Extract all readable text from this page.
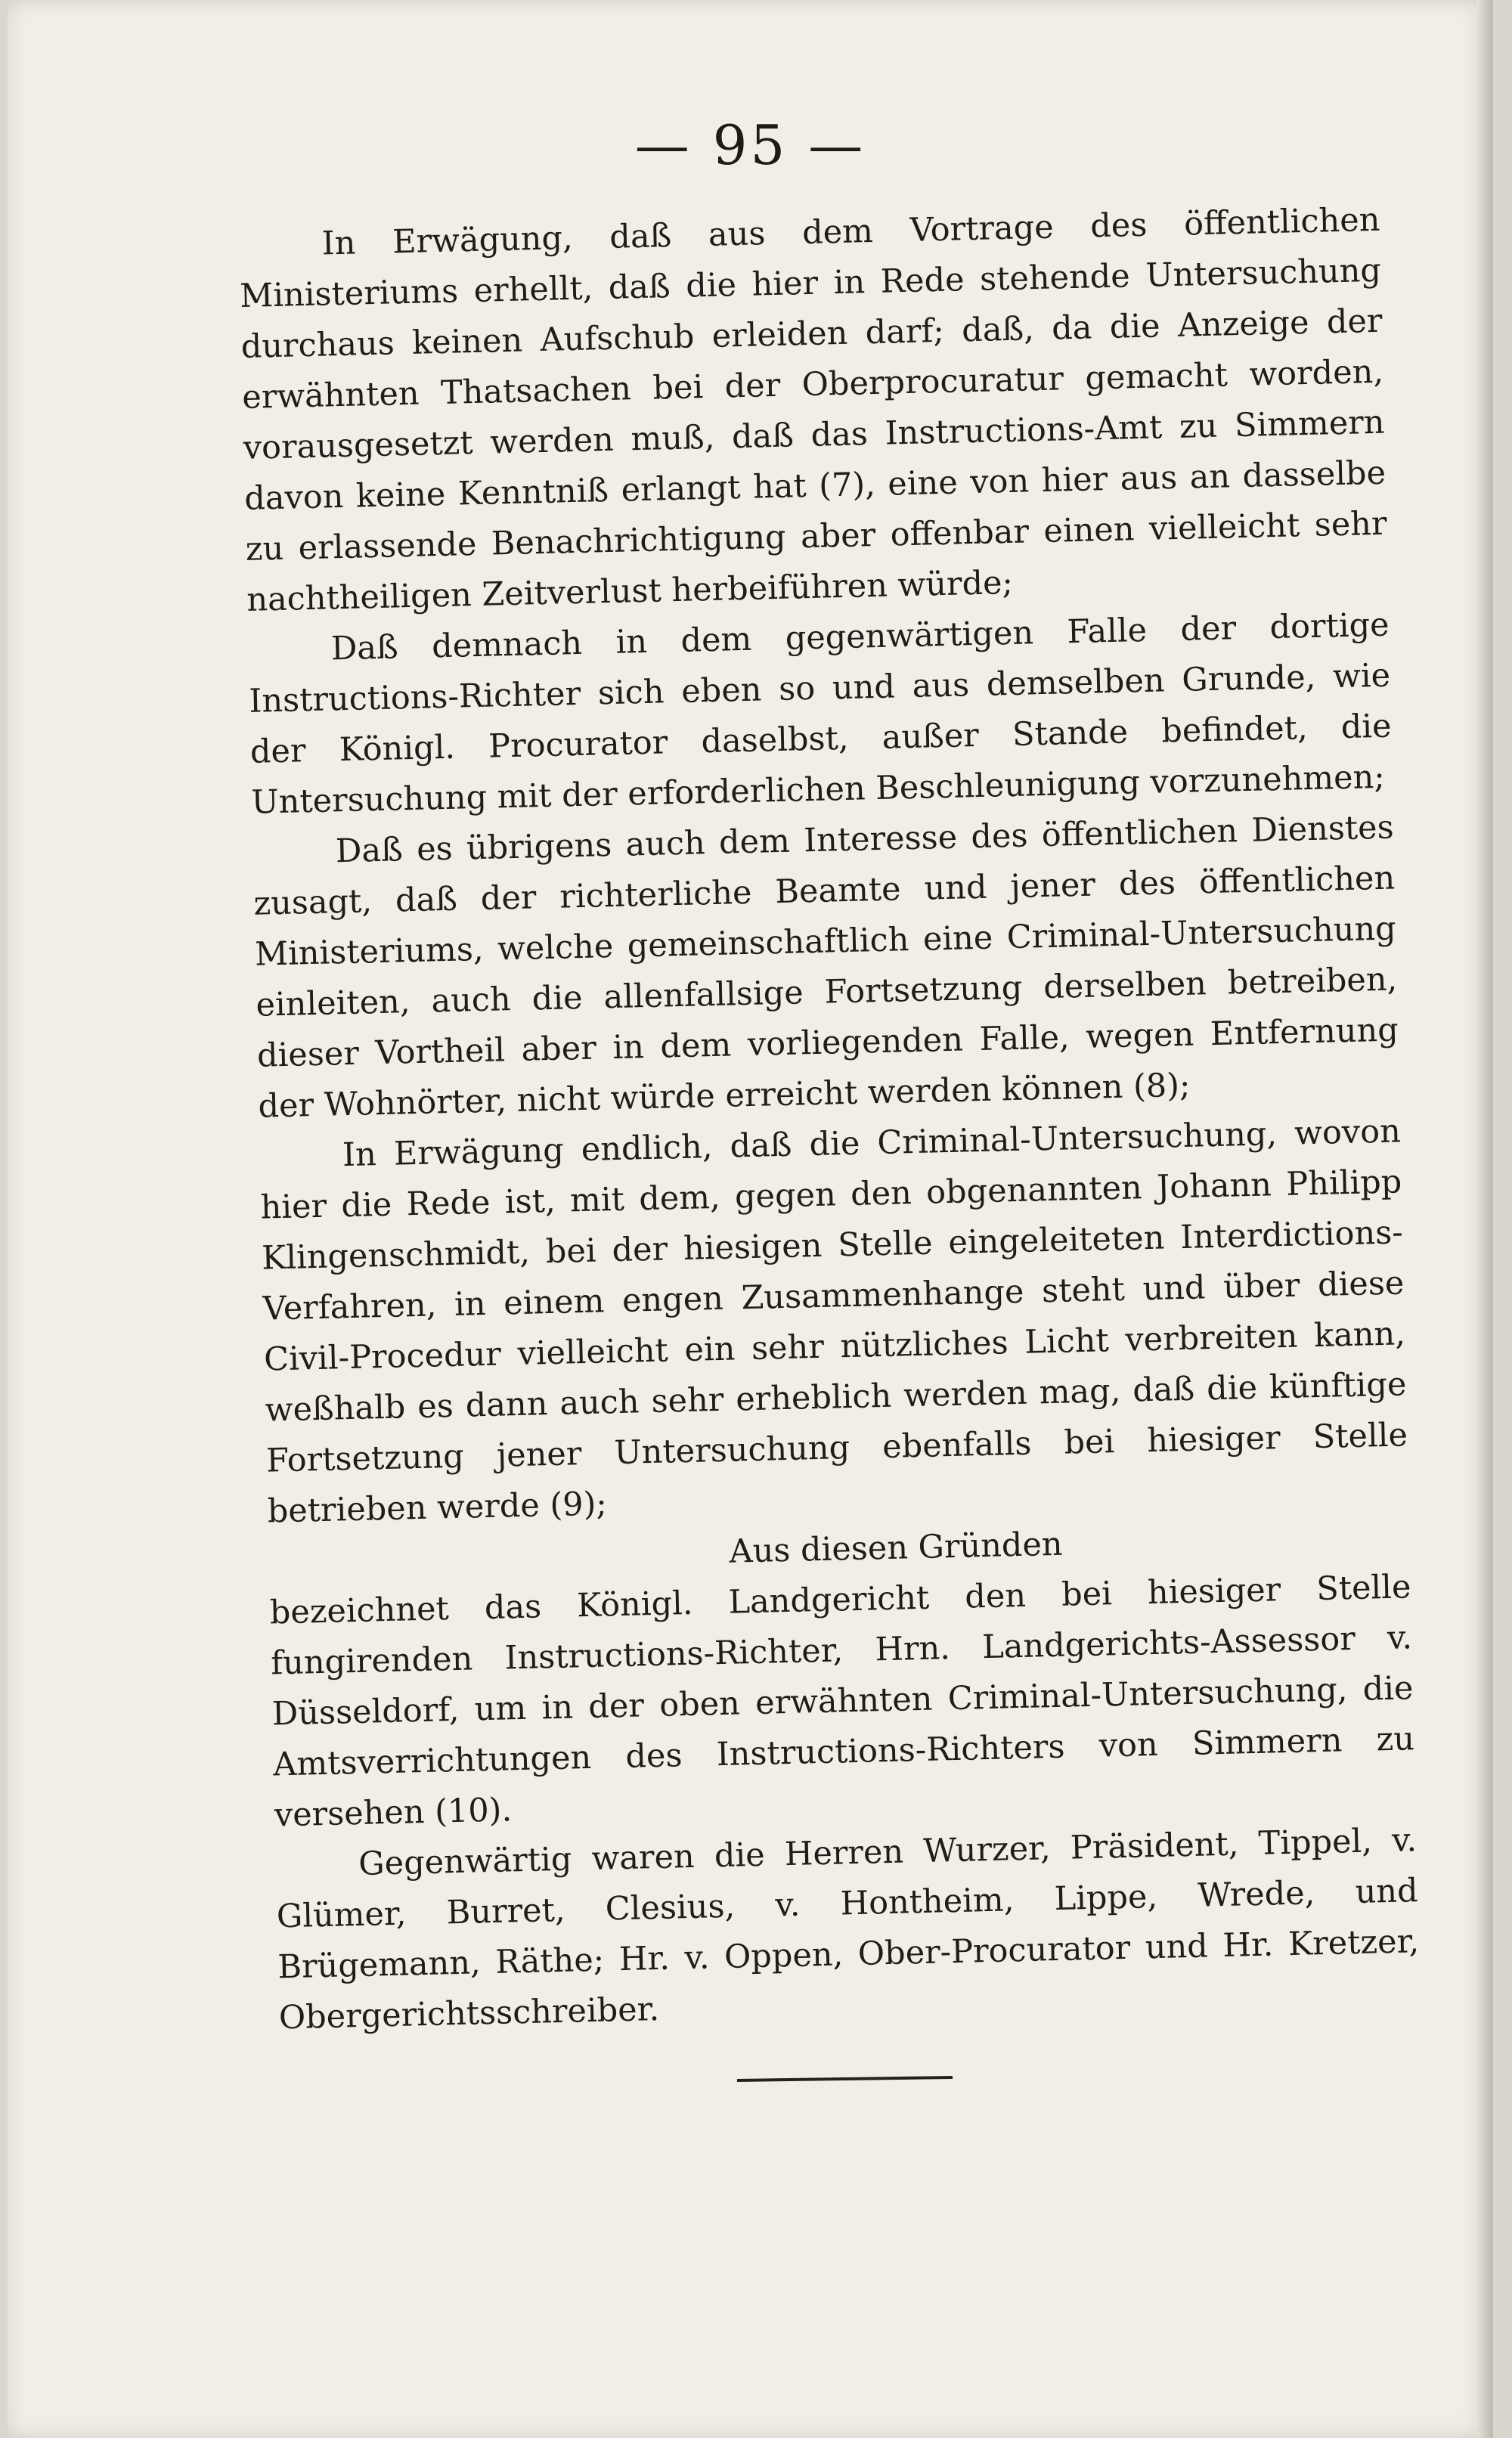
— 95 —

In Erwägung, daß aus dem Vortrage des öffentlichen Ministeriums erhellt, daß die hier in Rede stehende Untersuchung durchaus keinen Aufschub erleiden darf; daß, da die Anzeige der erwähnten Thatsachen bei der Oberprocuratur gemacht worden, vorausgesetzt werden muß, daß das Instructions-Amt zu Simmern davon keine Kenntniß erlangt hat (7), eine von hier aus an dasselbe zu erlassende Benachrichtigung aber offenbar einen vielleicht sehr nachtheiligen Zeitverlust herbeiführen würde;

Daß demnach in dem gegenwärtigen Falle der dortige Instructions-Richter sich eben so und aus demselben Grunde, wie der Königl. Procurator daselbst, außer Stande befindet, die Untersuchung mit der erforderlichen Beschleunigung vorzunehmen;

Daß es übrigens auch dem Interesse des öffentlichen Dienstes zusagt, daß der richterliche Beamte und jener des öffentlichen Ministeriums, welche gemeinschaftlich eine Criminal-Untersuchung einleiten, auch die allenfallsige Fortsetzung derselben betreiben, dieser Vortheil aber in dem vorliegenden Falle, wegen Entfernung der Wohnörter, nicht würde erreicht werden können (8);

In Erwägung endlich, daß die Criminal-Untersuchung, wovon hier die Rede ist, mit dem, gegen den obgenannten Johann Philipp Klingenschmidt, bei der hiesigen Stelle eingeleiteten Interdictions-Verfahren, in einem engen Zusammenhange steht und über diese Civil-Procedur vielleicht ein sehr nützliches Licht verbreiten kann, weßhalb es dann auch sehr erheblich werden mag, daß die künftige Fortsetzung jener Untersuchung ebenfalls bei hiesiger Stelle betrieben werde (9);

Aus diesen Gründen

bezeichnet das Königl. Landgericht den bei hiesiger Stelle fungirenden Instructions-Richter, Hrn. Landgerichts-Assessor v. Düsseldorf, um in der oben erwähnten Criminal-Untersuchung, die Amtsverrichtungen des Instructions-Richters von Simmern zu versehen (10).

Gegenwärtig waren die Herren Wurzer, Präsident, Tippel, v. Glümer, Burret, Clesius, v. Hontheim, Lippe, Wrede, und Brügemann, Räthe; Hr. v. Oppen, Ober-Procurator und Hr. Kretzer, Obergerichtsschreiber.
